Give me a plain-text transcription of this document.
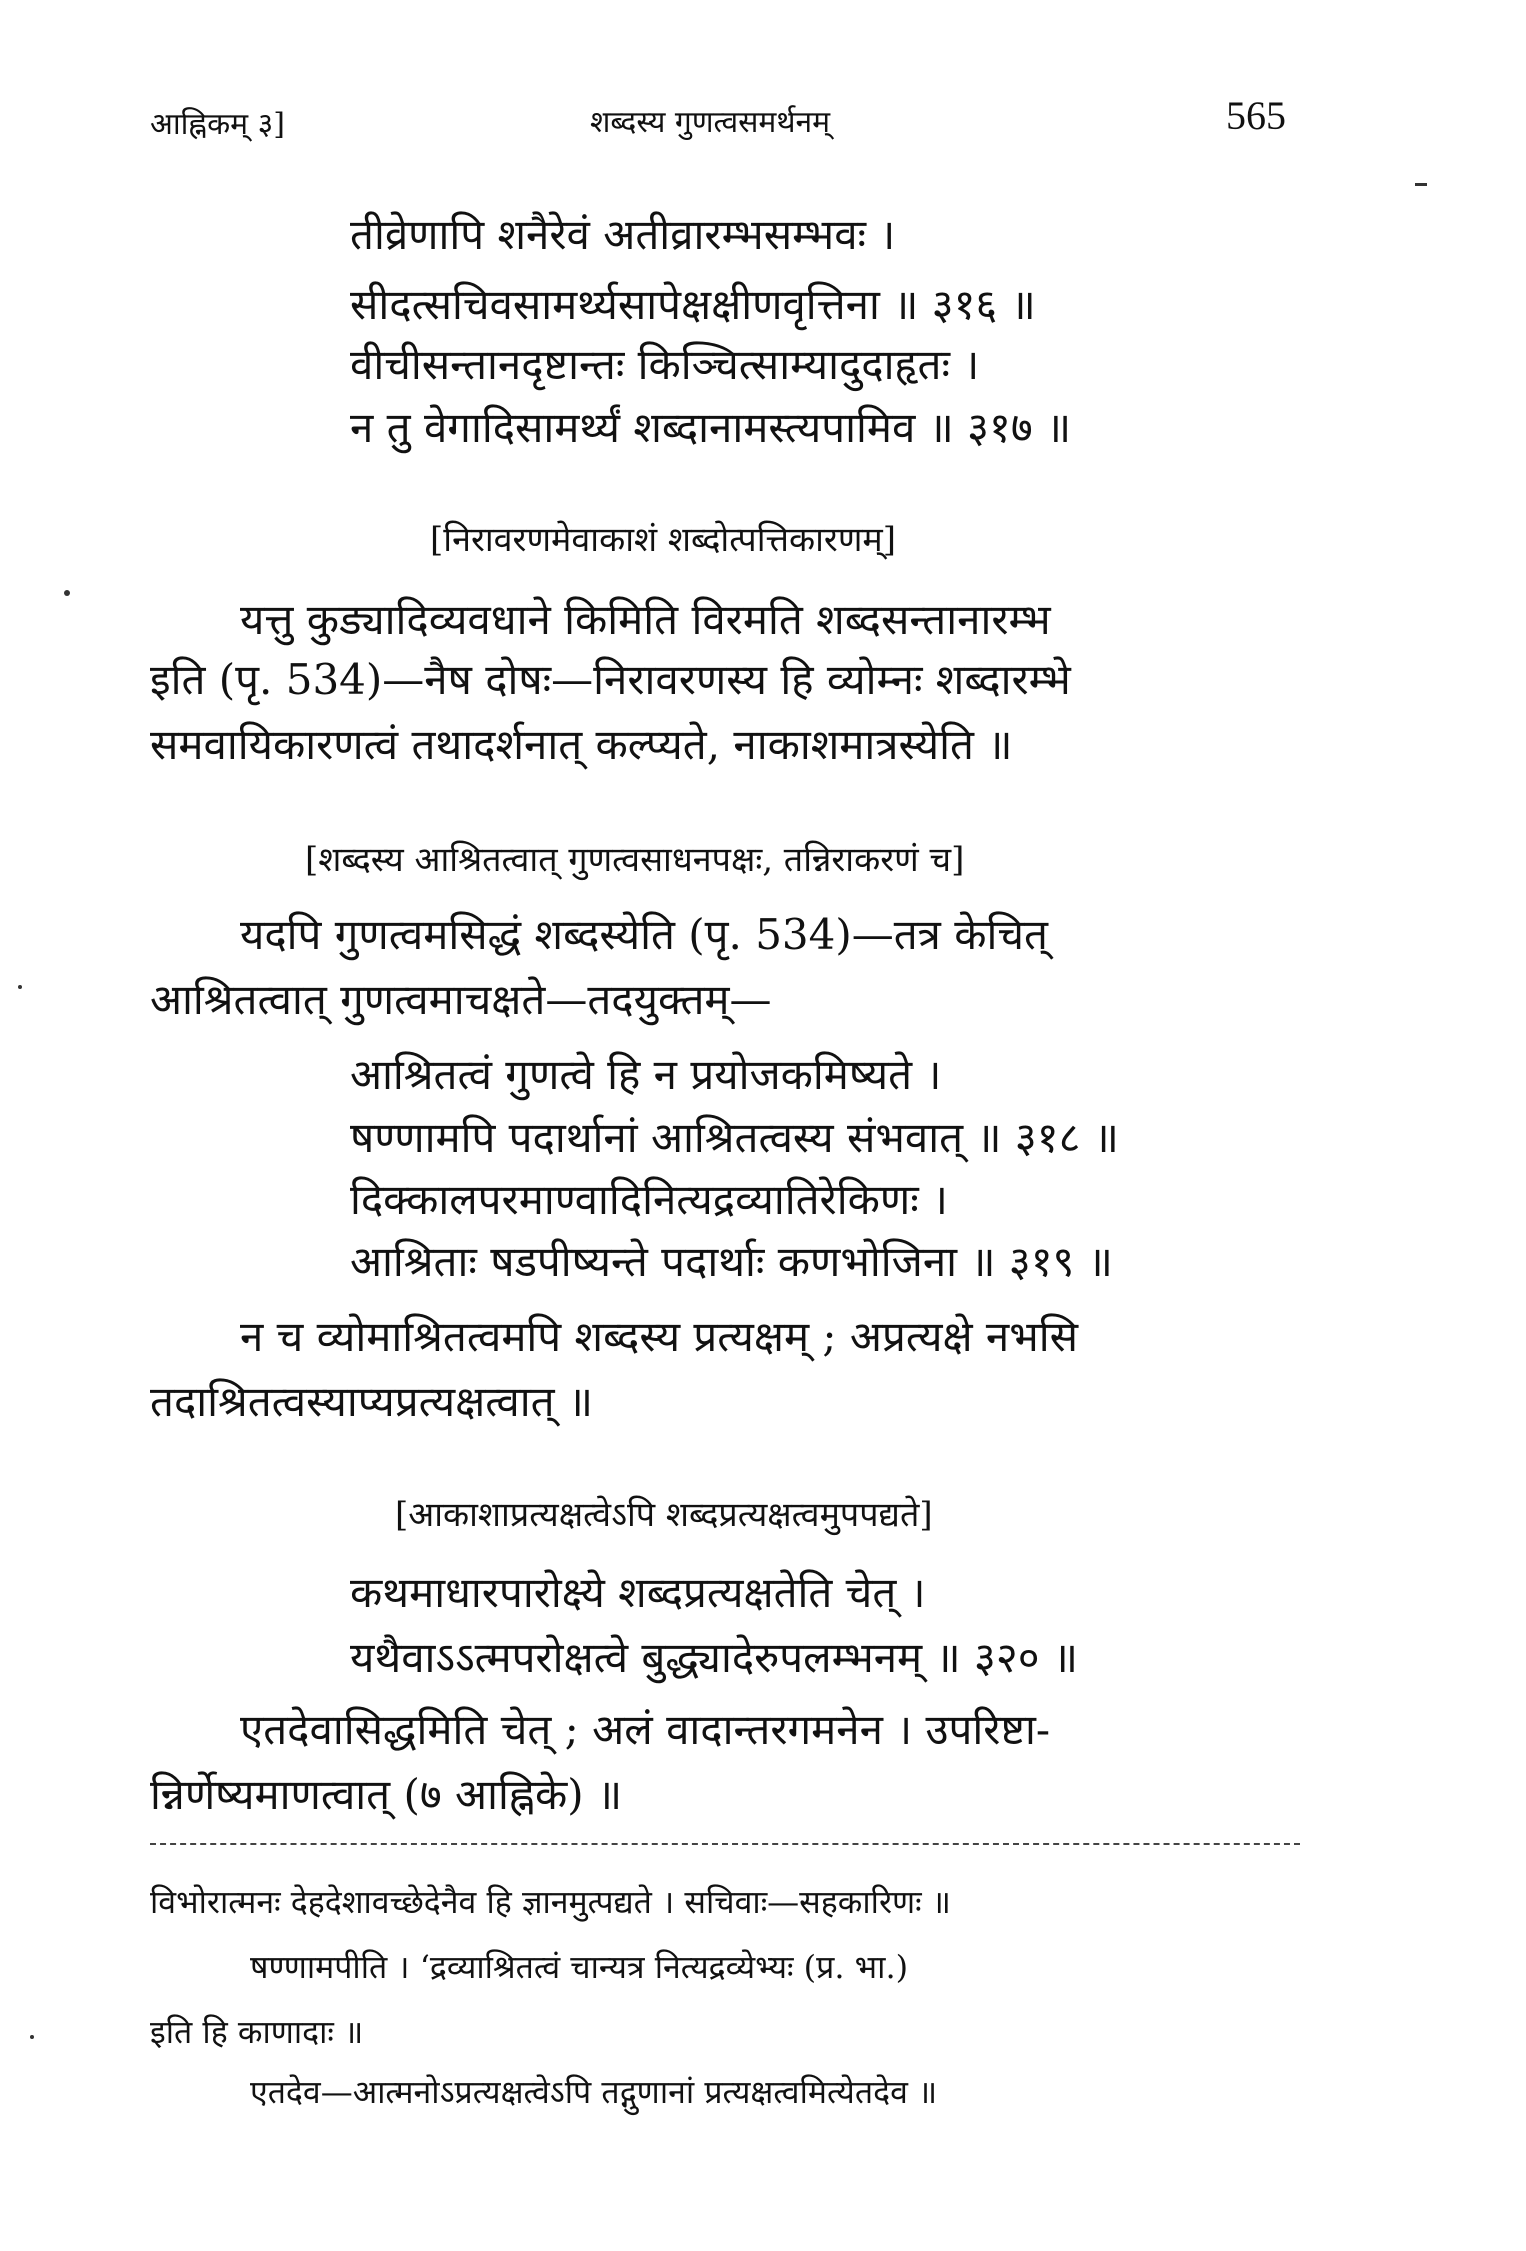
आह्निकम् ३]	शब्दस्य गुणत्वसमर्थनम्	565
तीव्रेणापि शनैरेवं अतीव्रारम्भसम्भवः ।
सीदत्सचिवसामर्थ्यसापेक्षक्षीणवृत्तिना ॥ ३१६ ॥
वीचीसन्तानदृष्टान्तः किञ्चित्साम्यादुदाहृतः ।
न तु वेगादिसामर्थ्यं शब्दानामस्त्यपामिव ॥ ३१७ ॥
[निरावरणमेवाकाशं शब्दोत्पत्तिकारणम्]
यत्तु कुड्यादिव्यवधाने किमिति विरमति शब्दसन्तानारम्भ
इति (पृ. 534)—नैष दोषः—निरावरणस्य हि व्योम्नः शब्दारम्भे
समवायिकारणत्वं तथादर्शनात् कल्प्यते, नाकाशमात्रस्येति ॥
[शब्दस्य आश्रितत्वात् गुणत्वसाधनपक्षः, तन्निराकरणं च]
यदपि गुणत्वमसिद्धं शब्दस्येति (पृ. 534)—तत्र केचित्
आश्रितत्वात् गुणत्वमाचक्षते—तदयुक्तम्—
आश्रितत्वं गुणत्वे हि न प्रयोजकमिष्यते ।
षण्णामपि पदार्थानां आश्रितत्वस्य संभवात् ॥ ३१८ ॥
दिक्कालपरमाण्वादिनित्यद्रव्यातिरेकिणः ।
आश्रिताः षडपीष्यन्ते पदार्थाः कणभोजिना ॥ ३१९ ॥
न च व्योमाश्रितत्वमपि शब्दस्य प्रत्यक्षम् ; अप्रत्यक्षे नभसि
तदाश्रितत्वस्याप्यप्रत्यक्षत्वात् ॥
[आकाशाप्रत्यक्षत्वेऽपि शब्दप्रत्यक्षत्वमुपपद्यते]
कथमाधारपारोक्ष्ये शब्दप्रत्यक्षतेति चेत् ।
यथैवाऽऽत्मपरोक्षत्वे बुद्ध्यादेरुपलम्भनम् ॥ ३२० ॥
एतदेवासिद्धमिति चेत् ; अलं वादान्तरगमनेन । उपरिष्टा-
न्निर्णेष्यमाणत्वात् (७ आह्निके) ॥
विभोरात्मनः देहदेशावच्छेदेनैव हि ज्ञानमुत्पद्यते । सचिवाः—सहकारिणः ॥
षण्णामपीति । ‘द्रव्याश्रितत्वं चान्यत्र नित्यद्रव्येभ्यः (प्र. भा.)
इति हि काणादाः ॥
एतदेव—आत्मनोऽप्रत्यक्षत्वेऽपि तद्गुणानां प्रत्यक्षत्वमित्येतदेव ॥
